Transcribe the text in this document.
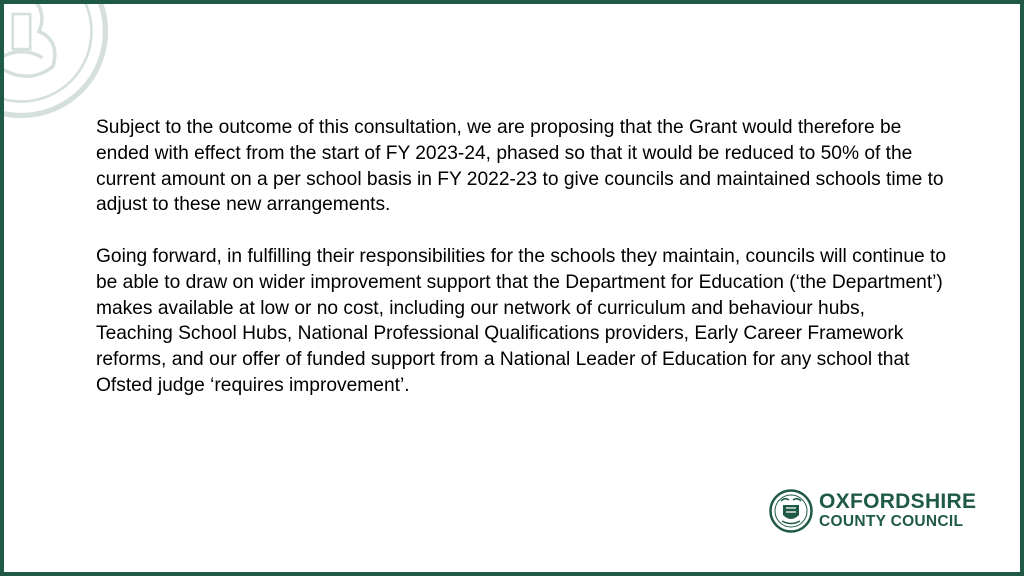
Subject to the outcome of this consultation, we are proposing that the Grant would therefore be ended with effect from the start of FY 2023-24, phased so that it would be reduced to 50% of the current amount on a per school basis in FY 2022-23 to give councils and maintained schools time to adjust to these new arrangements.

Going forward, in fulfilling their responsibilities for the schools they maintain, councils will continue to be able to draw on wider improvement support that the Department for Education (‘the Department’) makes available at low or no cost, including our network of curriculum and behaviour hubs, Teaching School Hubs, National Professional Qualifications providers, Early Career Framework reforms, and our offer of funded support from a National Leader of Education for any school that Ofsted judge ‘requires improvement’.

OXFORDSHIRE
COUNTY COUNCIL
